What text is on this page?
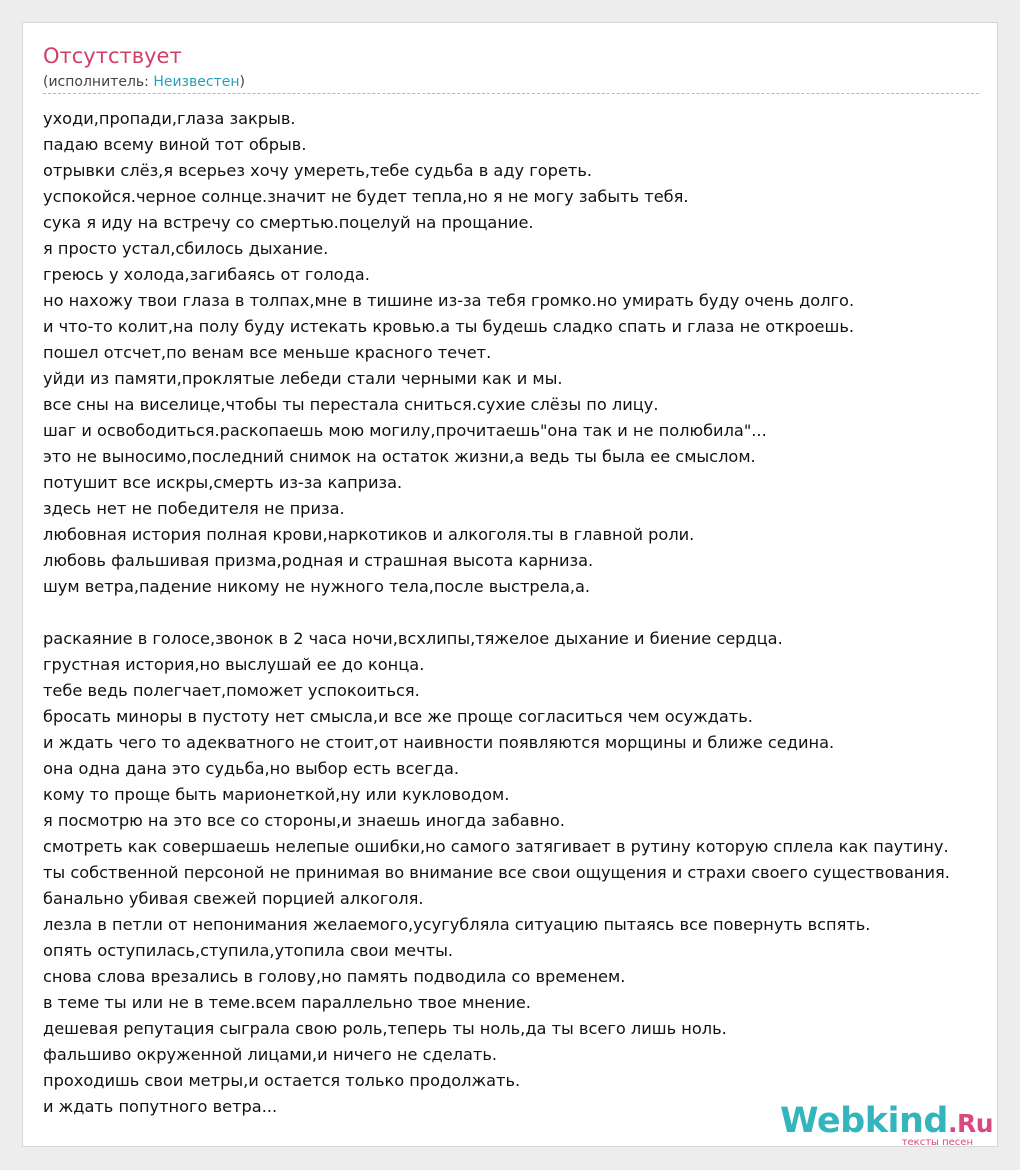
Отсутствует
(исполнитель: Неизвестен)
уходи,пропади,глаза закрыв.
падаю всему виной тот обрыв.
отрывки слёз,я всерьез хочу умереть,тебе судьба в аду гореть.
успокойся.черное солнце.значит не будет тепла,но я не могу забыть тебя.
сука я иду на встречу со смертью.поцелуй на прощание.
я просто устал,сбилось дыхание.
греюсь у холода,загибаясь от голода.
но нахожу твои глаза в толпах,мне в тишине из-за тебя громко.но умирать буду очень долго.
и что-то колит,на полу буду истекать кровью.а ты будешь сладко спать и глаза не откроешь.
пошел отсчет,по венам все меньше красного течет.
уйди из памяти,проклятые лебеди стали черными как и мы.
все сны на виселице,чтобы ты перестала сниться.сухие слёзы по лицу.
шаг и освободиться.раскопаешь мою могилу,прочитаешь"она так и не полюбила"...
это не выносимо,последний снимок на остаток жизни,а ведь ты была ее смыслом.
потушит все искры,смерть из-за каприза.
здесь нет не победителя не приза.
любовная история полная крови,наркотиков и алкоголя.ты в главной роли.
любовь фальшивая призма,родная и страшная высота карниза.
шум ветра,падение никому не нужного тела,после выстрела,а.
раскаяние в голосе,звонок в 2 часа ночи,всхлипы,тяжелое дыхание и биение сердца.
грустная история,но выслушай ее до конца.
тебе ведь полегчает,поможет успокоиться.
бросать миноры в пустоту нет смысла,и все же проще согласиться чем осуждать.
и ждать чего то адекватного не стоит,от наивности появляются морщины и ближе седина.
она одна дана это судьба,но выбор есть всегда.
кому то проще быть марионеткой,ну или кукловодом.
я посмотрю на это все со стороны,и знаешь иногда забавно.
смотреть как совершаешь нелепые ошибки,но самого затягивает в рутину которую сплела как паутину.
ты собственной персоной не принимая во внимание все свои ощущения и страхи своего существования.
банально убивая свежей порцией алкоголя.
лезла в петли от непонимания желаемого,усугубляла ситуацию пытаясь все повернуть вспять.
опять оступилась,ступила,утопила свои мечты.
снова слова врезались в голову,но память подводила со временем.
в теме ты или не в теме.всем параллельно твое мнение.
дешевая репутация сыграла свою роль,теперь ты ноль,да ты всего лишь ноль.
фальшиво окруженной лицами,и ничего не сделать.
проходишь свои метры,и остается только продолжать.
и ждать попутного ветра...	Webkind.Ru
тексты песен
